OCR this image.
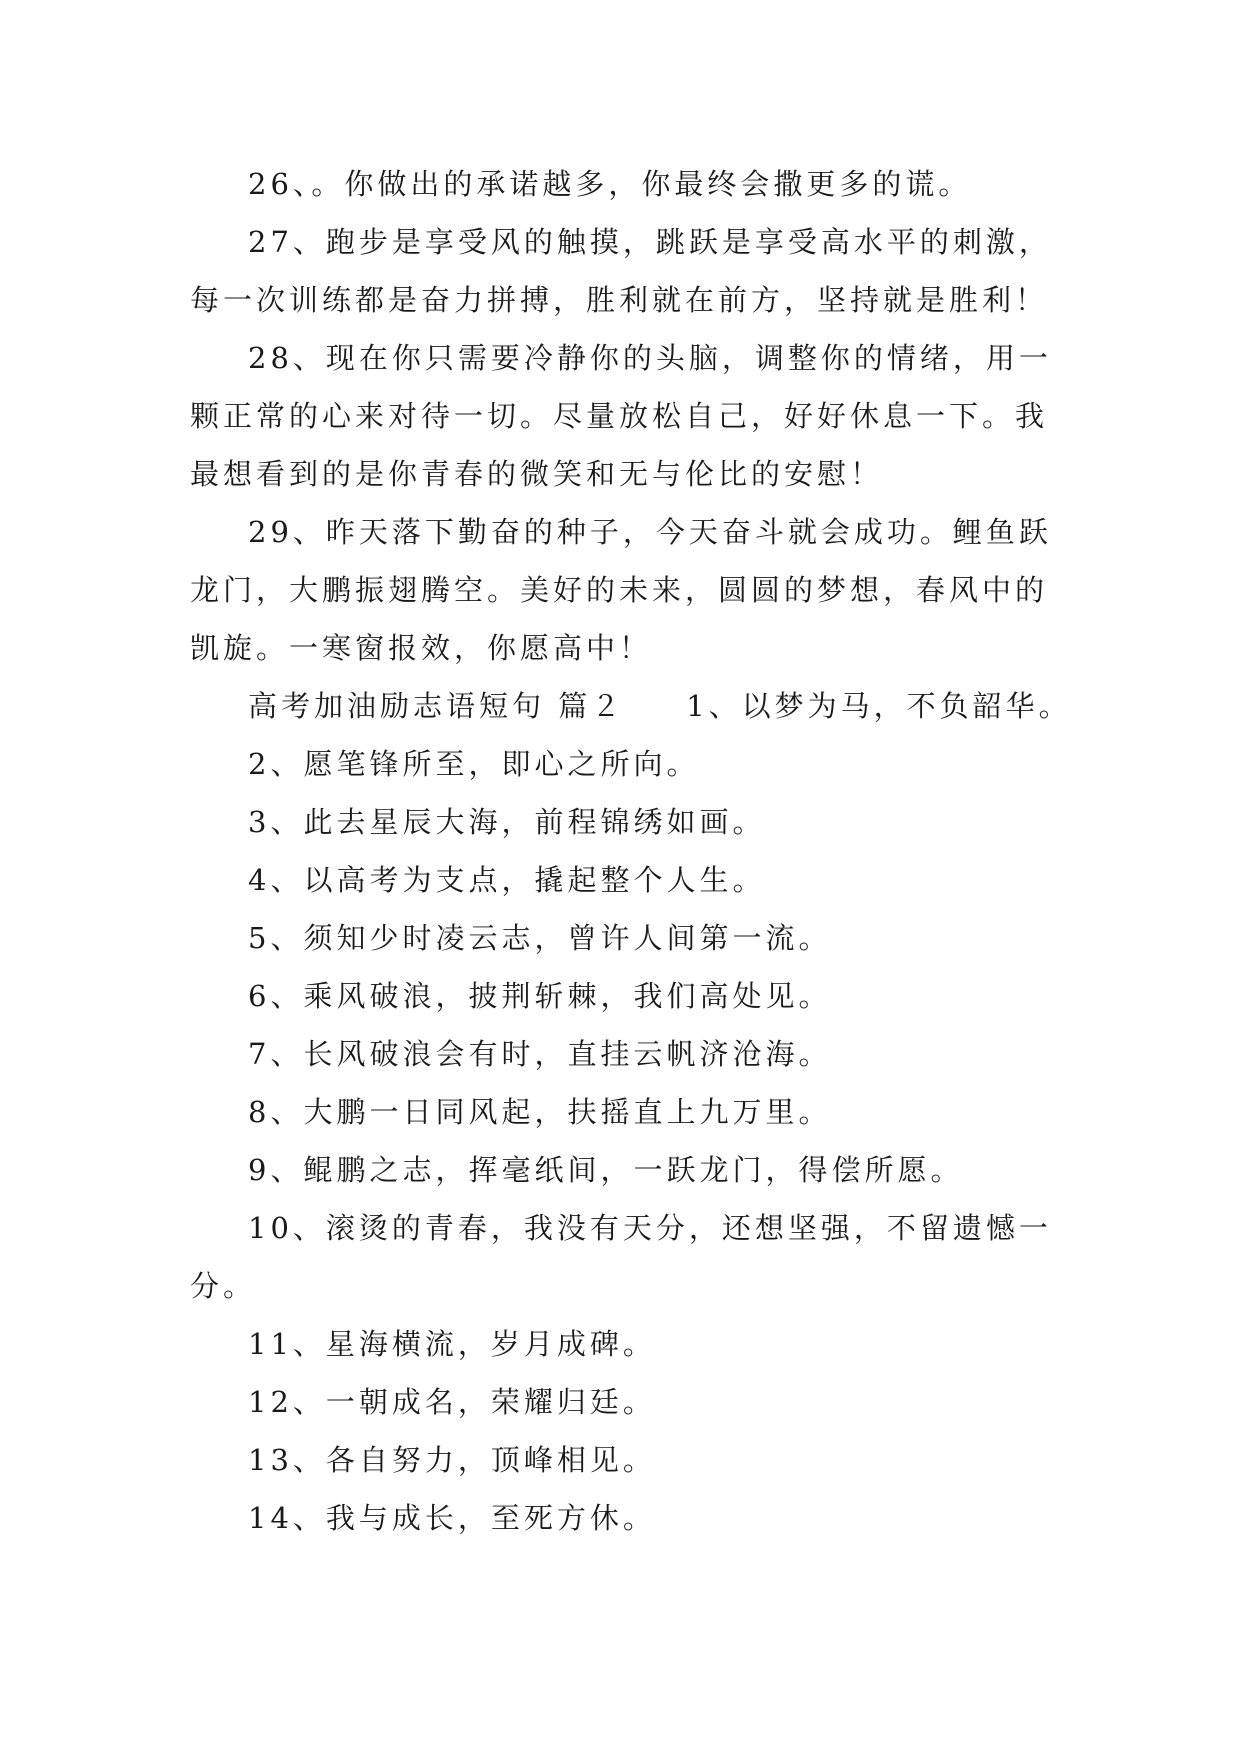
26、。你做出的承诺越多，你最终会撒更多的谎。

27、跑步是享受风的触摸，跳跃是享受高水平的刺激，每一次训练都是奋力拼搏，胜利就在前方，坚持就是胜利！

28、现在你只需要冷静你的头脑，调整你的情绪，用一颗正常的心来对待一切。尽量放松自己，好好休息一下。我最想看到的是你青春的微笑和无与伦比的安慰！

29、昨天落下勤奋的种子，今天奋斗就会成功。鲤鱼跃龙门，大鹏振翅腾空。美好的未来，圆圆的梦想，春风中的凯旋。一寒窗报效，你愿高中！

高考加油励志语短句 篇２ 1、以梦为马，不负韶华。

2、愿笔锋所至，即心之所向。

3、此去星辰大海，前程锦绣如画。

4、以高考为支点，撬起整个人生。

5、须知少时凌云志，曾许人间第一流。

6、乘风破浪，披荆斩棘，我们高处见。

7、长风破浪会有时，直挂云帆济沧海。

8、大鹏一日同风起，扶摇直上九万里。

9、鲲鹏之志，挥毫纸间，一跃龙门，得偿所愿。

10、滚烫的青春，我没有天分，还想坚强，不留遗憾一分。

11、星海横流，岁月成碑。

12、一朝成名，荣耀归廷。

13、各自努力，顶峰相见。

14、我与成长，至死方休。
